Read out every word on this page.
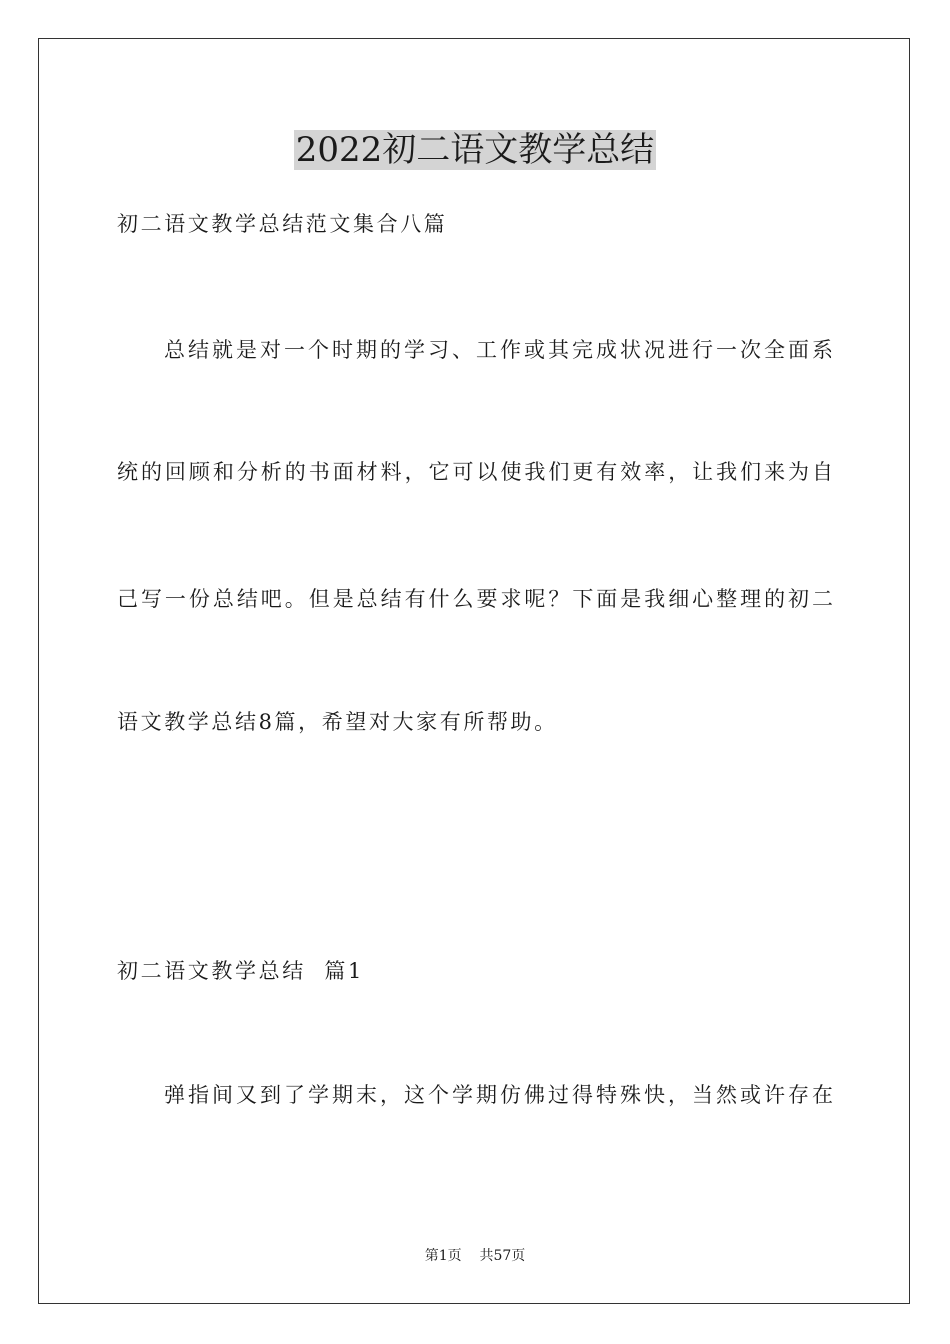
2022初二语文教学总结

初二语文教学总结范文集合八篇

总结就是对一个时期的学习、工作或其完成状况进行一次全面系

统的回顾和分析的书面材料，它可以使我们更有效率，让我们来为自

己写一份总结吧。但是总结有什么要求呢？下面是我细心整理的初二

语文教学总结8篇，希望对大家有所帮助。

初二语文教学总结  篇1

弹指间又到了学期末，这个学期仿佛过得特殊快，当然或许存在

第1页    共57页
